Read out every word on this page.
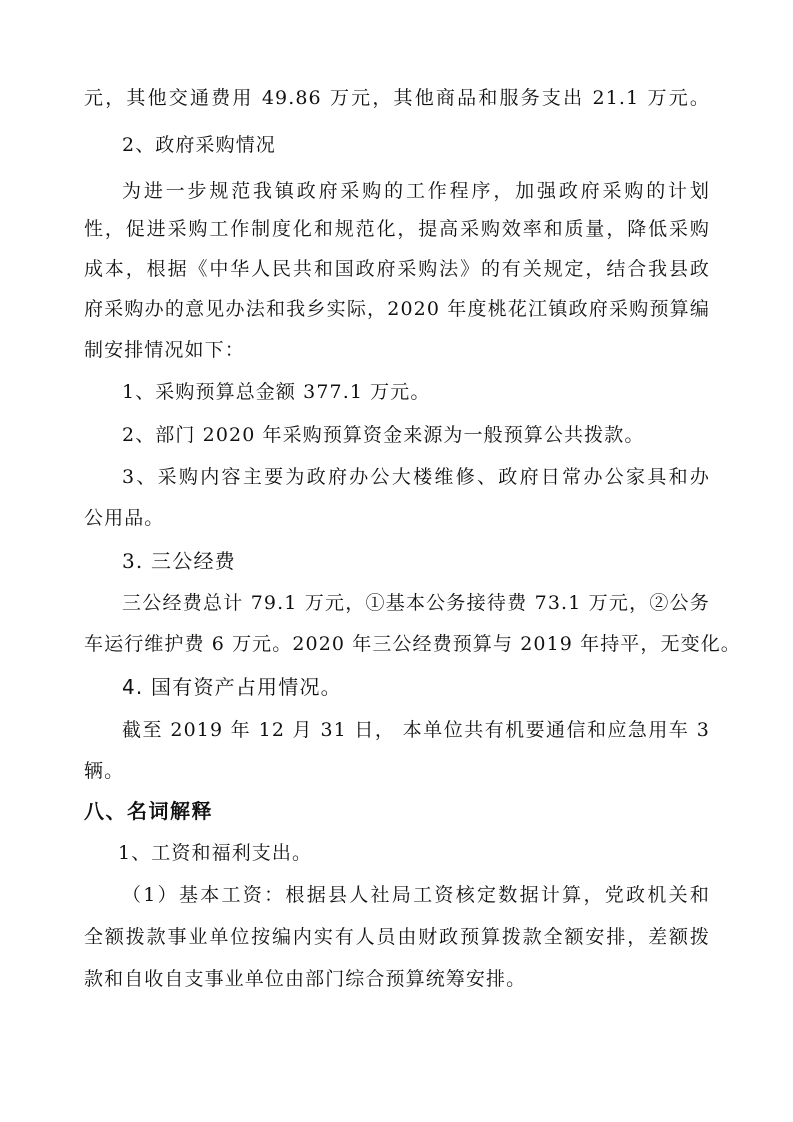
元，其他交通费用 49.86 万元，其他商品和服务支出 21.1 万元。
2、政府采购情况
为进一步规范我镇政府采购的工作程序，加强政府采购的计划
性，促进采购工作制度化和规范化，提高采购效率和质量，降低采购
成本，根据《中华人民共和国政府采购法》的有关规定，结合我县政
府采购办的意见办法和我乡实际，2020 年度桃花江镇政府采购预算编
制安排情况如下：
1、采购预算总金额 377.1 万元。
2、部门 2020 年采购预算资金来源为一般预算公共拨款。
3、采购内容主要为政府办公大楼维修、政府日常办公家具和办
公用品。
3. 三公经费
三公经费总计 79.1 万元，①基本公务接待费 73.1 万元，②公务
车运行维护费 6 万元。2020 年三公经费预算与 2019 年持平，无变化。
4. 国有资产占用情况。
截至 2019 年 12 月 31 日， 本单位共有机要通信和应急用车 3
辆。
八、名词解释
1、工资和福利支出。
（1）基本工资：根据县人社局工资核定数据计算，党政机关和
全额拨款事业单位按编内实有人员由财政预算拨款全额安排，差额拨
款和自收自支事业单位由部门综合预算统筹安排。
